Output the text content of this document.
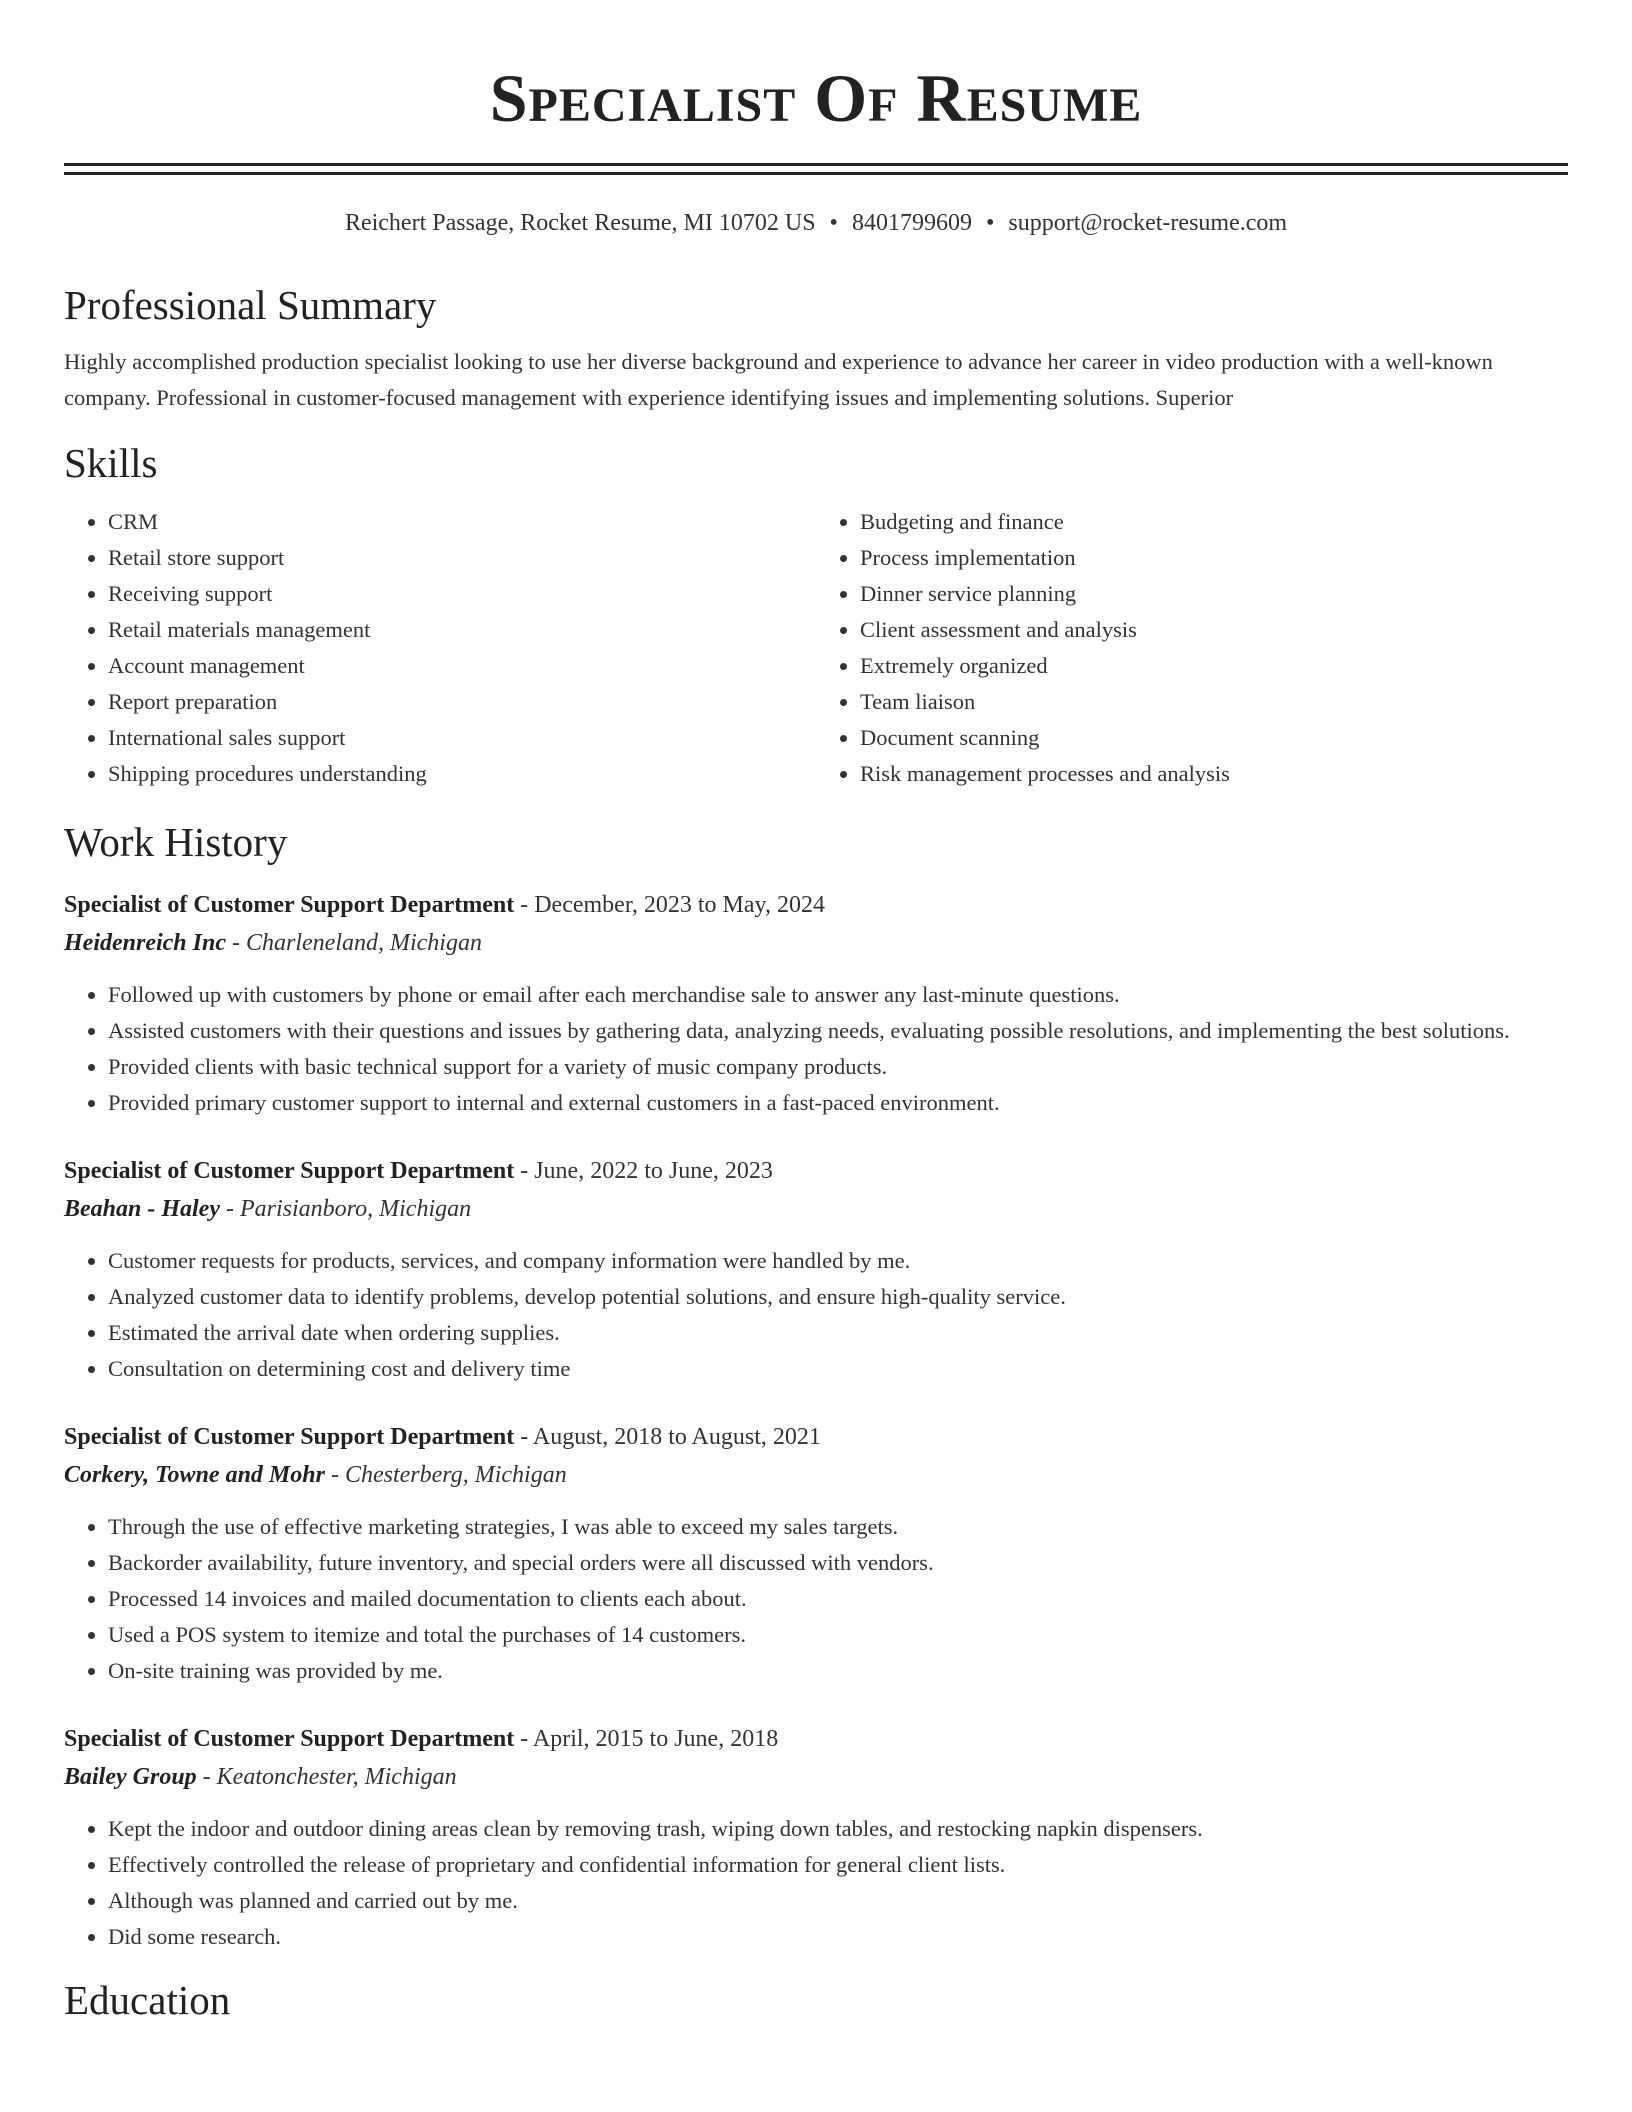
Specialist Of Resume
Reichert Passage, Rocket Resume, MI 10702 US • 8401799609 • support@rocket-resume.com
Professional Summary
Highly accomplished production specialist looking to use her diverse background and experience to advance her career in video production with a well-known company. Professional in customer-focused management with experience identifying issues and implementing solutions. Superior
Skills
• CRM
• Retail store support
• Receiving support
• Retail materials management
• Account management
• Report preparation
• International sales support
• Shipping procedures understanding
• Budgeting and finance
• Process implementation
• Dinner service planning
• Client assessment and analysis
• Extremely organized
• Team liaison
• Document scanning
• Risk management processes and analysis
Work History
Specialist of Customer Support Department - December, 2023 to May, 2024
Heidenreich Inc - Charleneland, Michigan
• Followed up with customers by phone or email after each merchandise sale to answer any last-minute questions.
• Assisted customers with their questions and issues by gathering data, analyzing needs, evaluating possible resolutions, and implementing the best solutions.
• Provided clients with basic technical support for a variety of music company products.
• Provided primary customer support to internal and external customers in a fast-paced environment.
Specialist of Customer Support Department - June, 2022 to June, 2023
Beahan - Haley - Parisianboro, Michigan
• Customer requests for products, services, and company information were handled by me.
• Analyzed customer data to identify problems, develop potential solutions, and ensure high-quality service.
• Estimated the arrival date when ordering supplies.
• Consultation on determining cost and delivery time
Specialist of Customer Support Department - August, 2018 to August, 2021
Corkery, Towne and Mohr - Chesterberg, Michigan
• Through the use of effective marketing strategies, I was able to exceed my sales targets.
• Backorder availability, future inventory, and special orders were all discussed with vendors.
• Processed 14 invoices and mailed documentation to clients each about.
• Used a POS system to itemize and total the purchases of 14 customers.
• On-site training was provided by me.
Specialist of Customer Support Department - April, 2015 to June, 2018
Bailey Group - Keatonchester, Michigan
• Kept the indoor and outdoor dining areas clean by removing trash, wiping down tables, and restocking napkin dispensers.
• Effectively controlled the release of proprietary and confidential information for general client lists.
• Although was planned and carried out by me.
• Did some research.
Education
